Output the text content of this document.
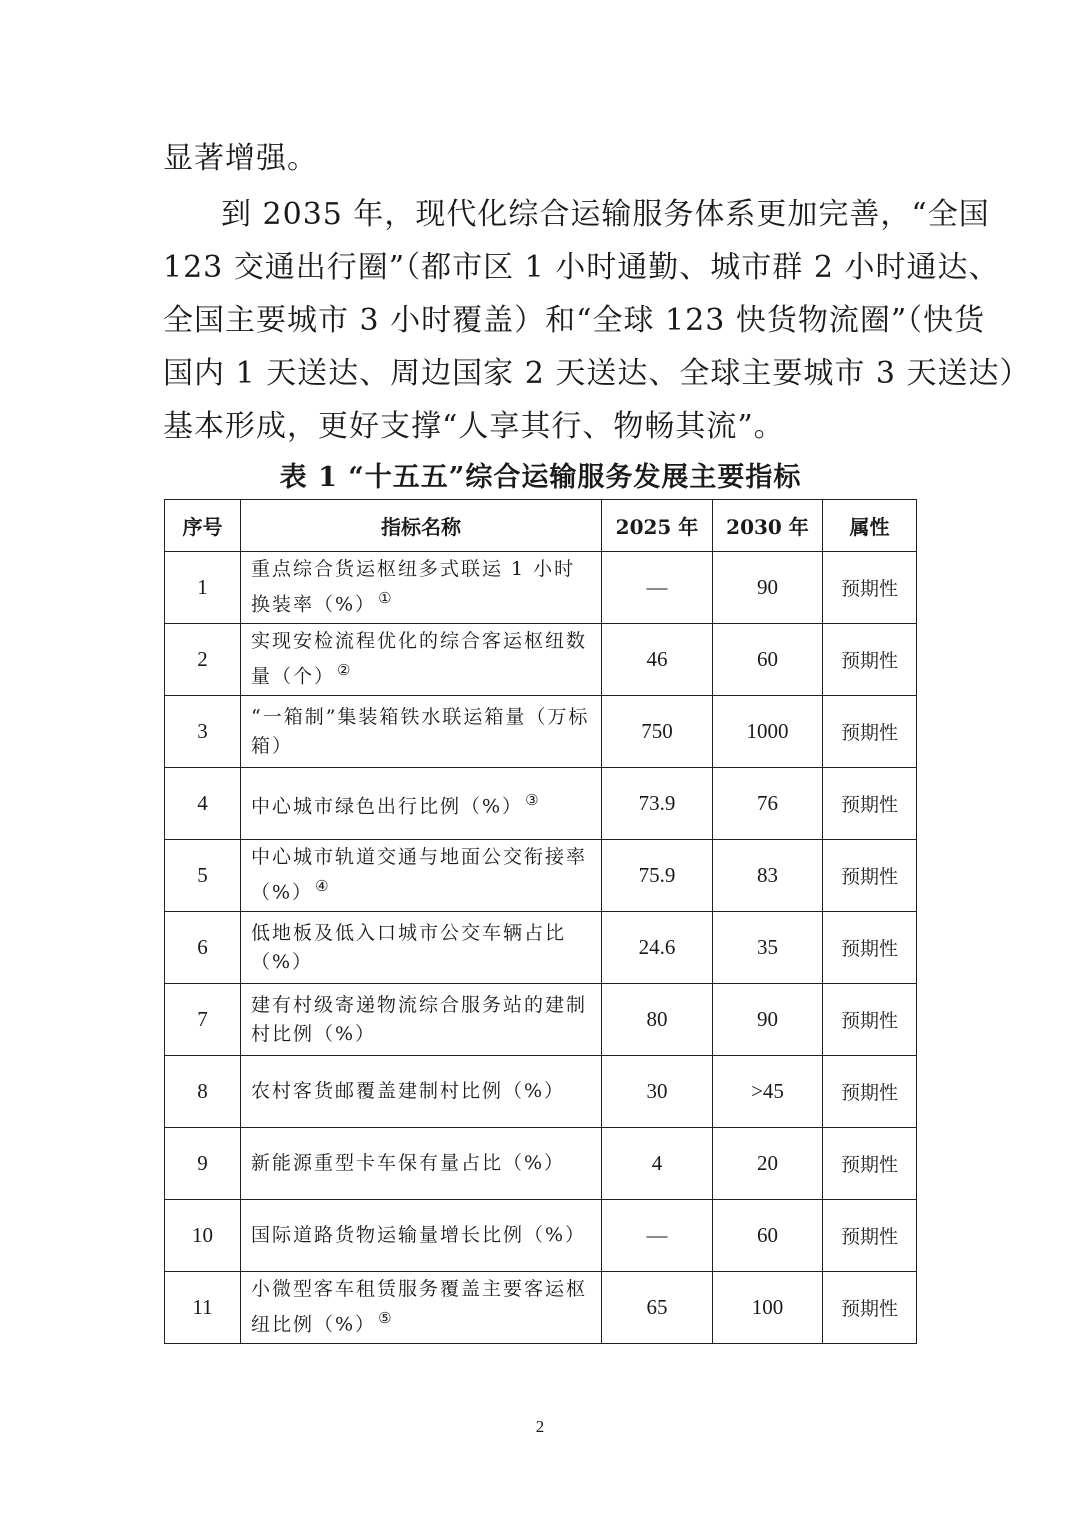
显著增强。
到 2035 年，现代化综合运输服务体系更加完善，“全国
123 交通出行圈”（都市区 1 小时通勤、城市群 2 小时通达、
全国主要城市 3 小时覆盖）和“全球 123 快货物流圈”（快货
国内 1 天送达、周边国家 2 天送达、全球主要城市 3 天送达）
基本形成，更好支撑“人享其行、物畅其流”。
表 1 “十五五”综合运输服务发展主要指标
序号	指标名称	2025 年	2030 年	属性
1	重点综合货运枢纽多式联运 1 小时换装率（%） ①	—	90	预期性
2	实现安检流程优化的综合客运枢纽数量（个） ②	46	60	预期性
3	“一箱制”集装箱铁水联运箱量（万标箱）	750	1000	预期性
4	中心城市绿色出行比例（%） ③	73.9	76	预期性
5	中心城市轨道交通与地面公交衔接率（%） ④	75.9	83	预期性
6	低地板及低入口城市公交车辆占比（%）	24.6	35	预期性
7	建有村级寄递物流综合服务站的建制村比例（%）	80	90	预期性
8	农村客货邮覆盖建制村比例（%）	30	>45	预期性
9	新能源重型卡车保有量占比（%）	4	20	预期性
10	国际道路货物运输量增长比例（%）	—	60	预期性
11	小微型客车租赁服务覆盖主要客运枢纽比例（%） ⑤	65	100	预期性
2
